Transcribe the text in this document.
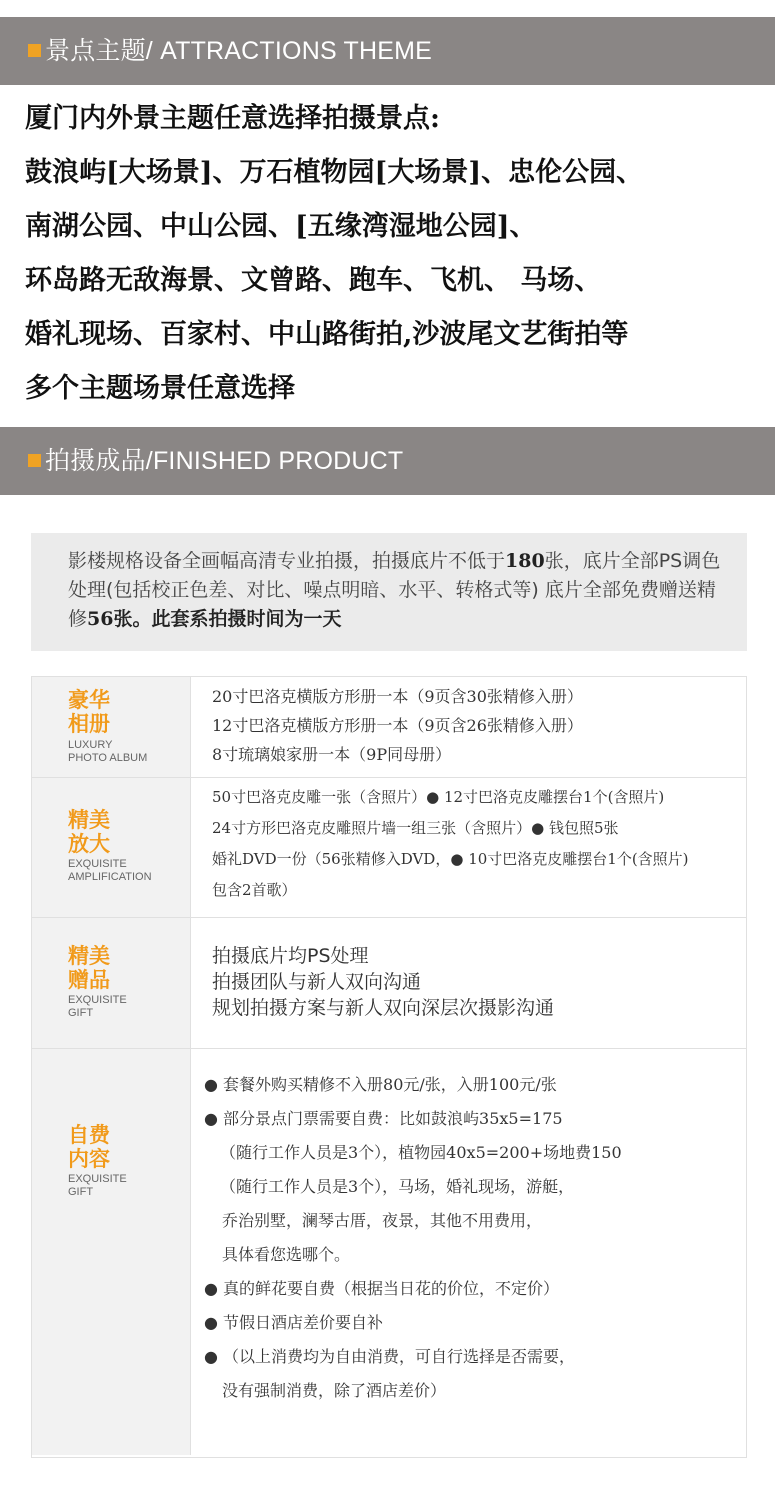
景点主题/ ATTRACTIONS THEME
厦门内外景主题任意选择拍摄景点:
鼓浪屿[大场景]、万石植物园[大场景]、忠伦公园、
南湖公园、中山公园、[五缘湾湿地公园]、
环岛路无敌海景、文曾路、跑车、飞机、 马场、
婚礼现场、百家村、中山路街拍,沙波尾文艺街拍等
多个主题场景任意选择
拍摄成品/FINISHED PRODUCT

影楼规格设备全画幅高清专业拍摄，拍摄底片不低于180张，底片全部PS调色处理(包括校正色差、对比、噪点明暗、水平、转格式等) 底片全部免费赠送精修56张。此套系拍摄时间为一天

豪华
相册
LUXURY
PHOTO ALBUM
20寸巴洛克横版方形册一本（9页含30张精修入册）
12寸巴洛克横版方形册一本（9页含26张精修入册）
8寸琉璃娘家册一本（9P同母册）
精美
放大
EXQUISITE
AMPLIFICATION
50寸巴洛克皮雕一张（含照片）● 12寸巴洛克皮雕摆台1个(含照片)
24寸方形巴洛克皮雕照片墙一组三张（含照片）● 钱包照5张
婚礼DVD一份（56张精修入DVD，● 10寸巴洛克皮雕摆台1个(含照片)
包含2首歌）
精美
赠品
EXQUISITE
GIFT
拍摄底片均PS处理
拍摄团队与新人双向沟通
规划拍摄方案与新人双向深层次摄影沟通
自费
内容
EXQUISITE
GIFT
● 套餐外购买精修不入册80元/张，入册100元/张
● 部分景点门票需要自费：比如鼓浪屿35x5=175
（随行工作人员是3个），植物园40x5=200+场地费150
（随行工作人员是3个），马场，婚礼现场，游艇，
乔治别墅，澜琴古厝，夜景，其他不用费用，
具体看您选哪个。
● 真的鲜花要自费（根据当日花的价位，不定价）
● 节假日酒店差价要自补
● （以上消费均为自由消费，可自行选择是否需要，
没有强制消费，除了酒店差价）
